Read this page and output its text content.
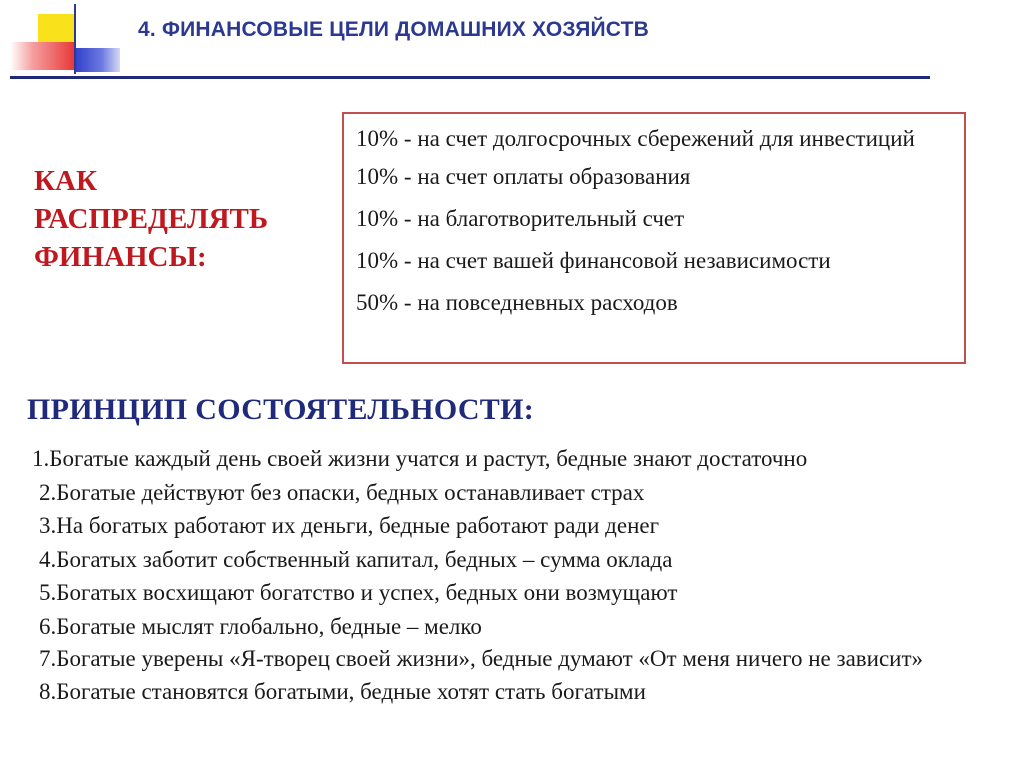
4. ФИНАНСОВЫЕ ЦЕЛИ ДОМАШНИХ ХОЗЯЙСТВ
КАК
РАСПРЕДЕЛЯТЬ
ФИНАНСЫ:
10% - на счет долгосрочных сбережений для инвестиций
10% - на счет оплаты образования
10% - на благотворительный счет
10% - на счет вашей финансовой независимости
50% - на повседневных расходов
ПРИНЦИП СОСТОЯТЕЛЬНОСТИ:
1.Богатые каждый день своей жизни учатся и растут, бедные знают достаточно
2.Богатые действуют без опаски, бедных останавливает страх
3.На богатых работают их деньги, бедные работают ради денег
4.Богатых заботит собственный капитал, бедных – сумма оклада
5.Богатых восхищают богатство и успех, бедных они возмущают
6.Богатые мыслят глобально, бедные – мелко
7.Богатые уверены «Я-творец своей жизни», бедные думают «От меня ничего не зависит»
8.Богатые становятся богатыми, бедные хотят стать богатыми
